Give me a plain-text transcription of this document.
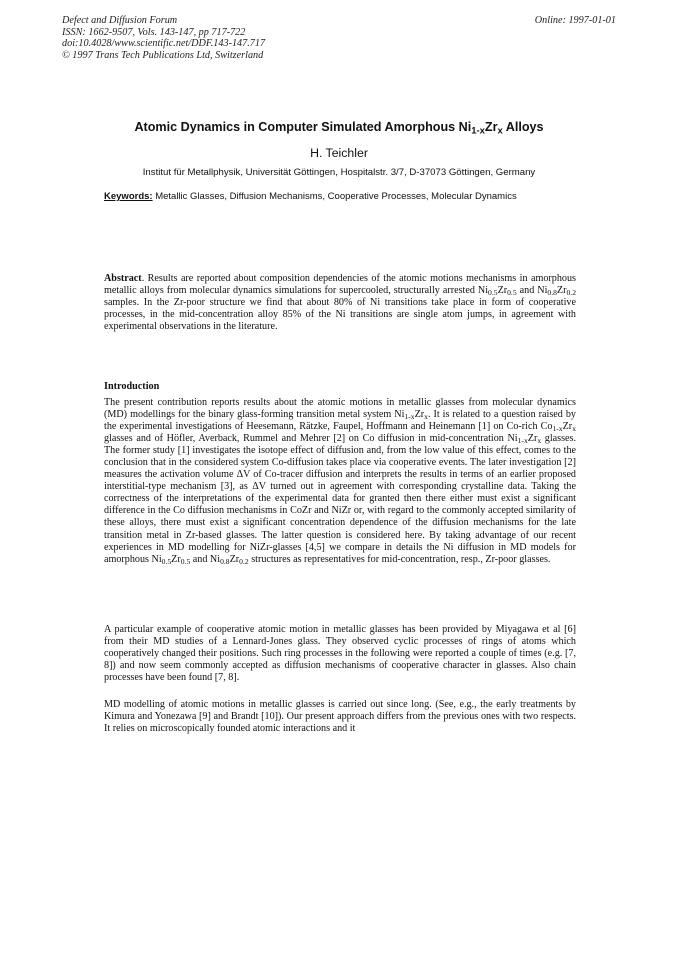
Defect and Diffusion Forum
ISSN: 1662-9507, Vols. 143-147, pp 717-722
doi:10.4028/www.scientific.net/DDF.143-147.717
© 1997 Trans Tech Publications Ltd, Switzerland
Online: 1997-01-01
Atomic Dynamics in Computer Simulated Amorphous $Ni_{1-x}Zr_x$ Alloys
H. Teichler
Institut für Metallphysik, Universität Göttingen, Hospitalstr. 3/7, D-37073 Göttingen, Germany
Keywords: Metallic Glasses, Diffusion Mechanisms, Cooperative Processes, Molecular Dynamics
Abstract. Results are reported about composition dependencies of the atomic motions mechanisms in amorphous metallic alloys from molecular dynamics simulations for supercooled, structurally arrested $Ni_{0.5}Zr_{0.5}$ and $Ni_{0.8}Zr_{0.2}$ samples. In the Zr-poor structure we find that about 80% of Ni transitions take place in form of cooperative processes, in the mid-concentration alloy 85% of the Ni transitions are single atom jumps, in agreement with experimental observations in the literature.
Introduction
The present contribution reports results about the atomic motions in metallic glasses from molecular dynamics (MD) modellings for the binary glass-forming transition metal system $Ni_{1-x}Zr_x$. It is related to a question raised by the experimental investigations of Heesemann, Rätzke, Faupel, Hoffmann and Heinemann [1] on Co-rich $Co_{1-x}Zr_x$ glasses and of Höfler, Averback, Rummel and Mehrer [2] on Co diffusion in mid-concentration $Ni_{1-x}Zr_x$ glasses. The former study [1] investigates the isotope effect of diffusion and, from the low value of this effect, comes to the conclusion that in the considered system Co-diffusion takes place via cooperative events. The later investigation [2] measures the activation volume ΔV of Co-tracer diffusion and interprets the results in terms of an earlier proposed interstitial-type mechanism [3], as ΔV turned out in agreement with corresponding crystalline data. Taking the correctness of the interpretations of the experimental data for granted then there either must exist a significant difference in the Co diffusion mechanisms in CoZr and NiZr or, with regard to the commonly accepted similarity of these alloys, there must exist a significant concentration dependence of the diffusion mechanisms for the late transition metal in Zr-based glasses. The latter question is considered here. By taking advantage of our recent experiences in MD modelling for NiZr-glasses [4,5] we compare in details the Ni diffusion in MD models for amorphous $Ni_{0.5}Zr_{0.5}$ and $Ni_{0.8}Zr_{0.2}$ structures as representatives for mid-concentration, resp., Zr-poor glasses.
A particular example of cooperative atomic motion in metallic glasses has been provided by Miyagawa et al [6] from their MD studies of a Lennard-Jones glass. They observed cyclic processes of rings of atoms which cooperatively changed their positions. Such ring processes in the following were reported a couple of times (e.g. [7, 8]) and now seem commonly accepted as diffusion mechanisms of cooperative character in glasses. Also chain processes have been found [7, 8].
MD modelling of atomic motions in metallic glasses is carried out since long. (See, e.g., the early treatments by Kimura and Yonezawa [9] and Brandt [10]). Our present approach differs from the previous ones with two respects. It relies on microscopically founded atomic interactions and it
